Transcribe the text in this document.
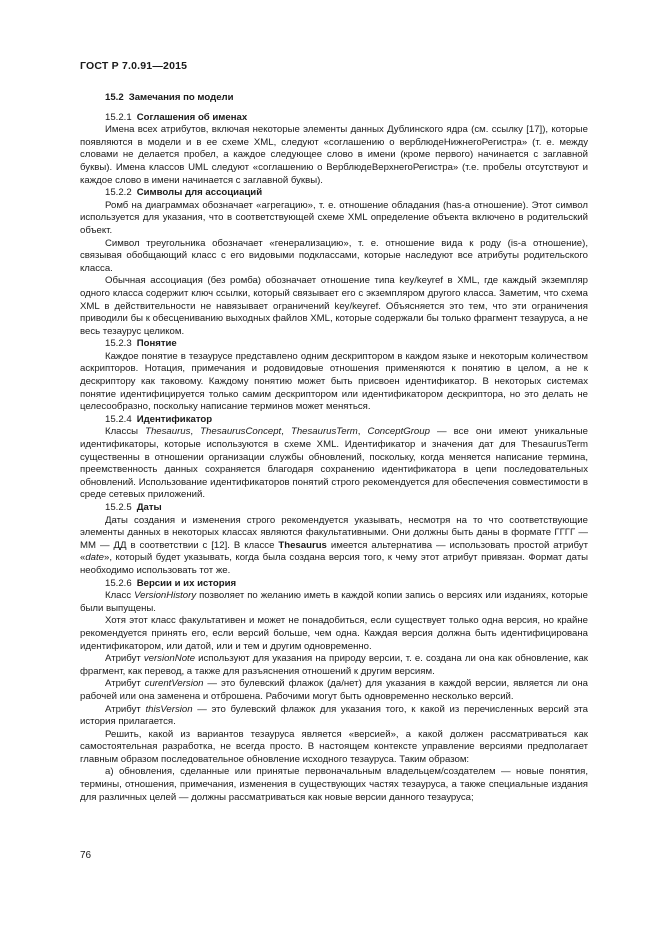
ГОСТ Р 7.0.91—2015
15.2 Замечания по модели
15.2.1 Соглашения об именах

Имена всех атрибутов, включая некоторые элементы данных Дублинского ядра (см. ссылку [17]), которые появляются в модели и в ее схеме XML, следуют «соглашению о верблюдеНижнегоРегистра» (т. е. между словами не делается пробел, а каждое следующее слово в имени (кроме первого) начинается с заглавной буквы). Имена классов UML следуют «соглашению о ВерблюдеВерхнегоРегистра» (т.е. пробелы отсутствуют и каждое слово в имени начинается с заглавной буквы).

15.2.2 Символы для ассоциаций

Ромб на диаграммах обозначает «агрегацию», т. е. отношение обладания (has-a отношение). Этот символ используется для указания, что в соответствующей схеме XML определение объекта включено в родительский объект.

Символ треугольника обозначает «генерализацию», т. е. отношение вида к роду (is-a отношение), связывая обобщающий класс с его видовыми подклассами, которые наследуют все атрибуты родительского класса.

Обычная ассоциация (без ромба) обозначает отношение типа key/keyref в XML, где каждый экземпляр одного класса содержит ключ ссылки, который связывает его с экземпляром другого класса. Заметим, что схема XML в действительности не навязывает ограничений key/keyref. Объясняется это тем, что эти ограничения приводили бы к обесцениванию выходных файлов XML, которые содержали бы только фрагмент тезауруса, а не весь тезаурус целиком.

15.2.3 Понятие

Каждое понятие в тезаурусе представлено одним дескриптором в каждом языке и некоторым количеством аскрипторов. Нотация, примечания и родовидовые отношения применяются к понятию в целом, а не к дескриптору как таковому. Каждому понятию может быть присвоен идентификатор. В некоторых системах понятие идентифицируется только самим дескриптором или идентификатором дескриптора, но это делать не целесообразно, поскольку написание терминов может меняться.

15.2.4 Идентификатор

Классы Thesaurus, ThesaurusConcept, ThesaurusTerm, ConceptGroup — все они имеют уникальные идентификаторы, которые используются в схеме XML. Идентификатор и значения дат для ThesaurusTerm существенны в отношении организации службы обновлений, поскольку, когда меняется написание термина, преемственность данных сохраняется благодаря сохранению идентификатора в цепи последовательных обновлений. Использование идентификаторов понятий строго рекомендуется для обеспечения совместимости в среде сетевых приложений.

15.2.5 Даты

Даты создания и изменения строго рекомендуется указывать, несмотря на то что соответствующие элементы данных в некоторых классах являются факультативными. Они должны быть даны в формате ГГГГ — ММ — ДД в соответствии с [12]. В классе Thesaurus имеется альтернатива — использовать простой атрибут «date», который будет указывать, когда была создана версия того, к чему этот атрибут привязан. Формат даты необходимо использовать тот же.

15.2.6 Версии и их история

Класс VersionHistory позволяет по желанию иметь в каждой копии запись о версиях или изданиях, которые были выпущены.

Хотя этот класс факультативен и может не понадобиться, если существует только одна версия, но крайне рекомендуется принять его, если версий больше, чем одна. Каждая версия должна быть идентифицирована идентификатором, или датой, или и тем и другим одновременно.

Атрибут versionNote используют для указания на природу версии, т. е. создана ли она как обновление, как фрагмент, как перевод, а также для разъяснения отношений к другим версиям.

Атрибут curentVersion — это булевский флажок (да/нет) для указания в каждой версии, является ли она рабочей или она заменена и отброшена. Рабочими могут быть одновременно несколько версий.

Атрибут thisVersion — это булевский флажок для указания того, к какой из перечисленных версий эта история прилагается.

Решить, какой из вариантов тезауруса является «версией», а какой должен рассматриваться как самостоятельная разработка, не всегда просто. В настоящем контексте управление версиями предполагает главным образом последовательное обновление исходного тезауруса. Таким образом:

а) обновления, сделанные или принятые первоначальным владельцем/создателем — новые понятия, термины, отношения, примечания, изменения в существующих частях тезауруса, а также специальные издания для различных целей — должны рассматриваться как новые версии данного тезауруса;

76
